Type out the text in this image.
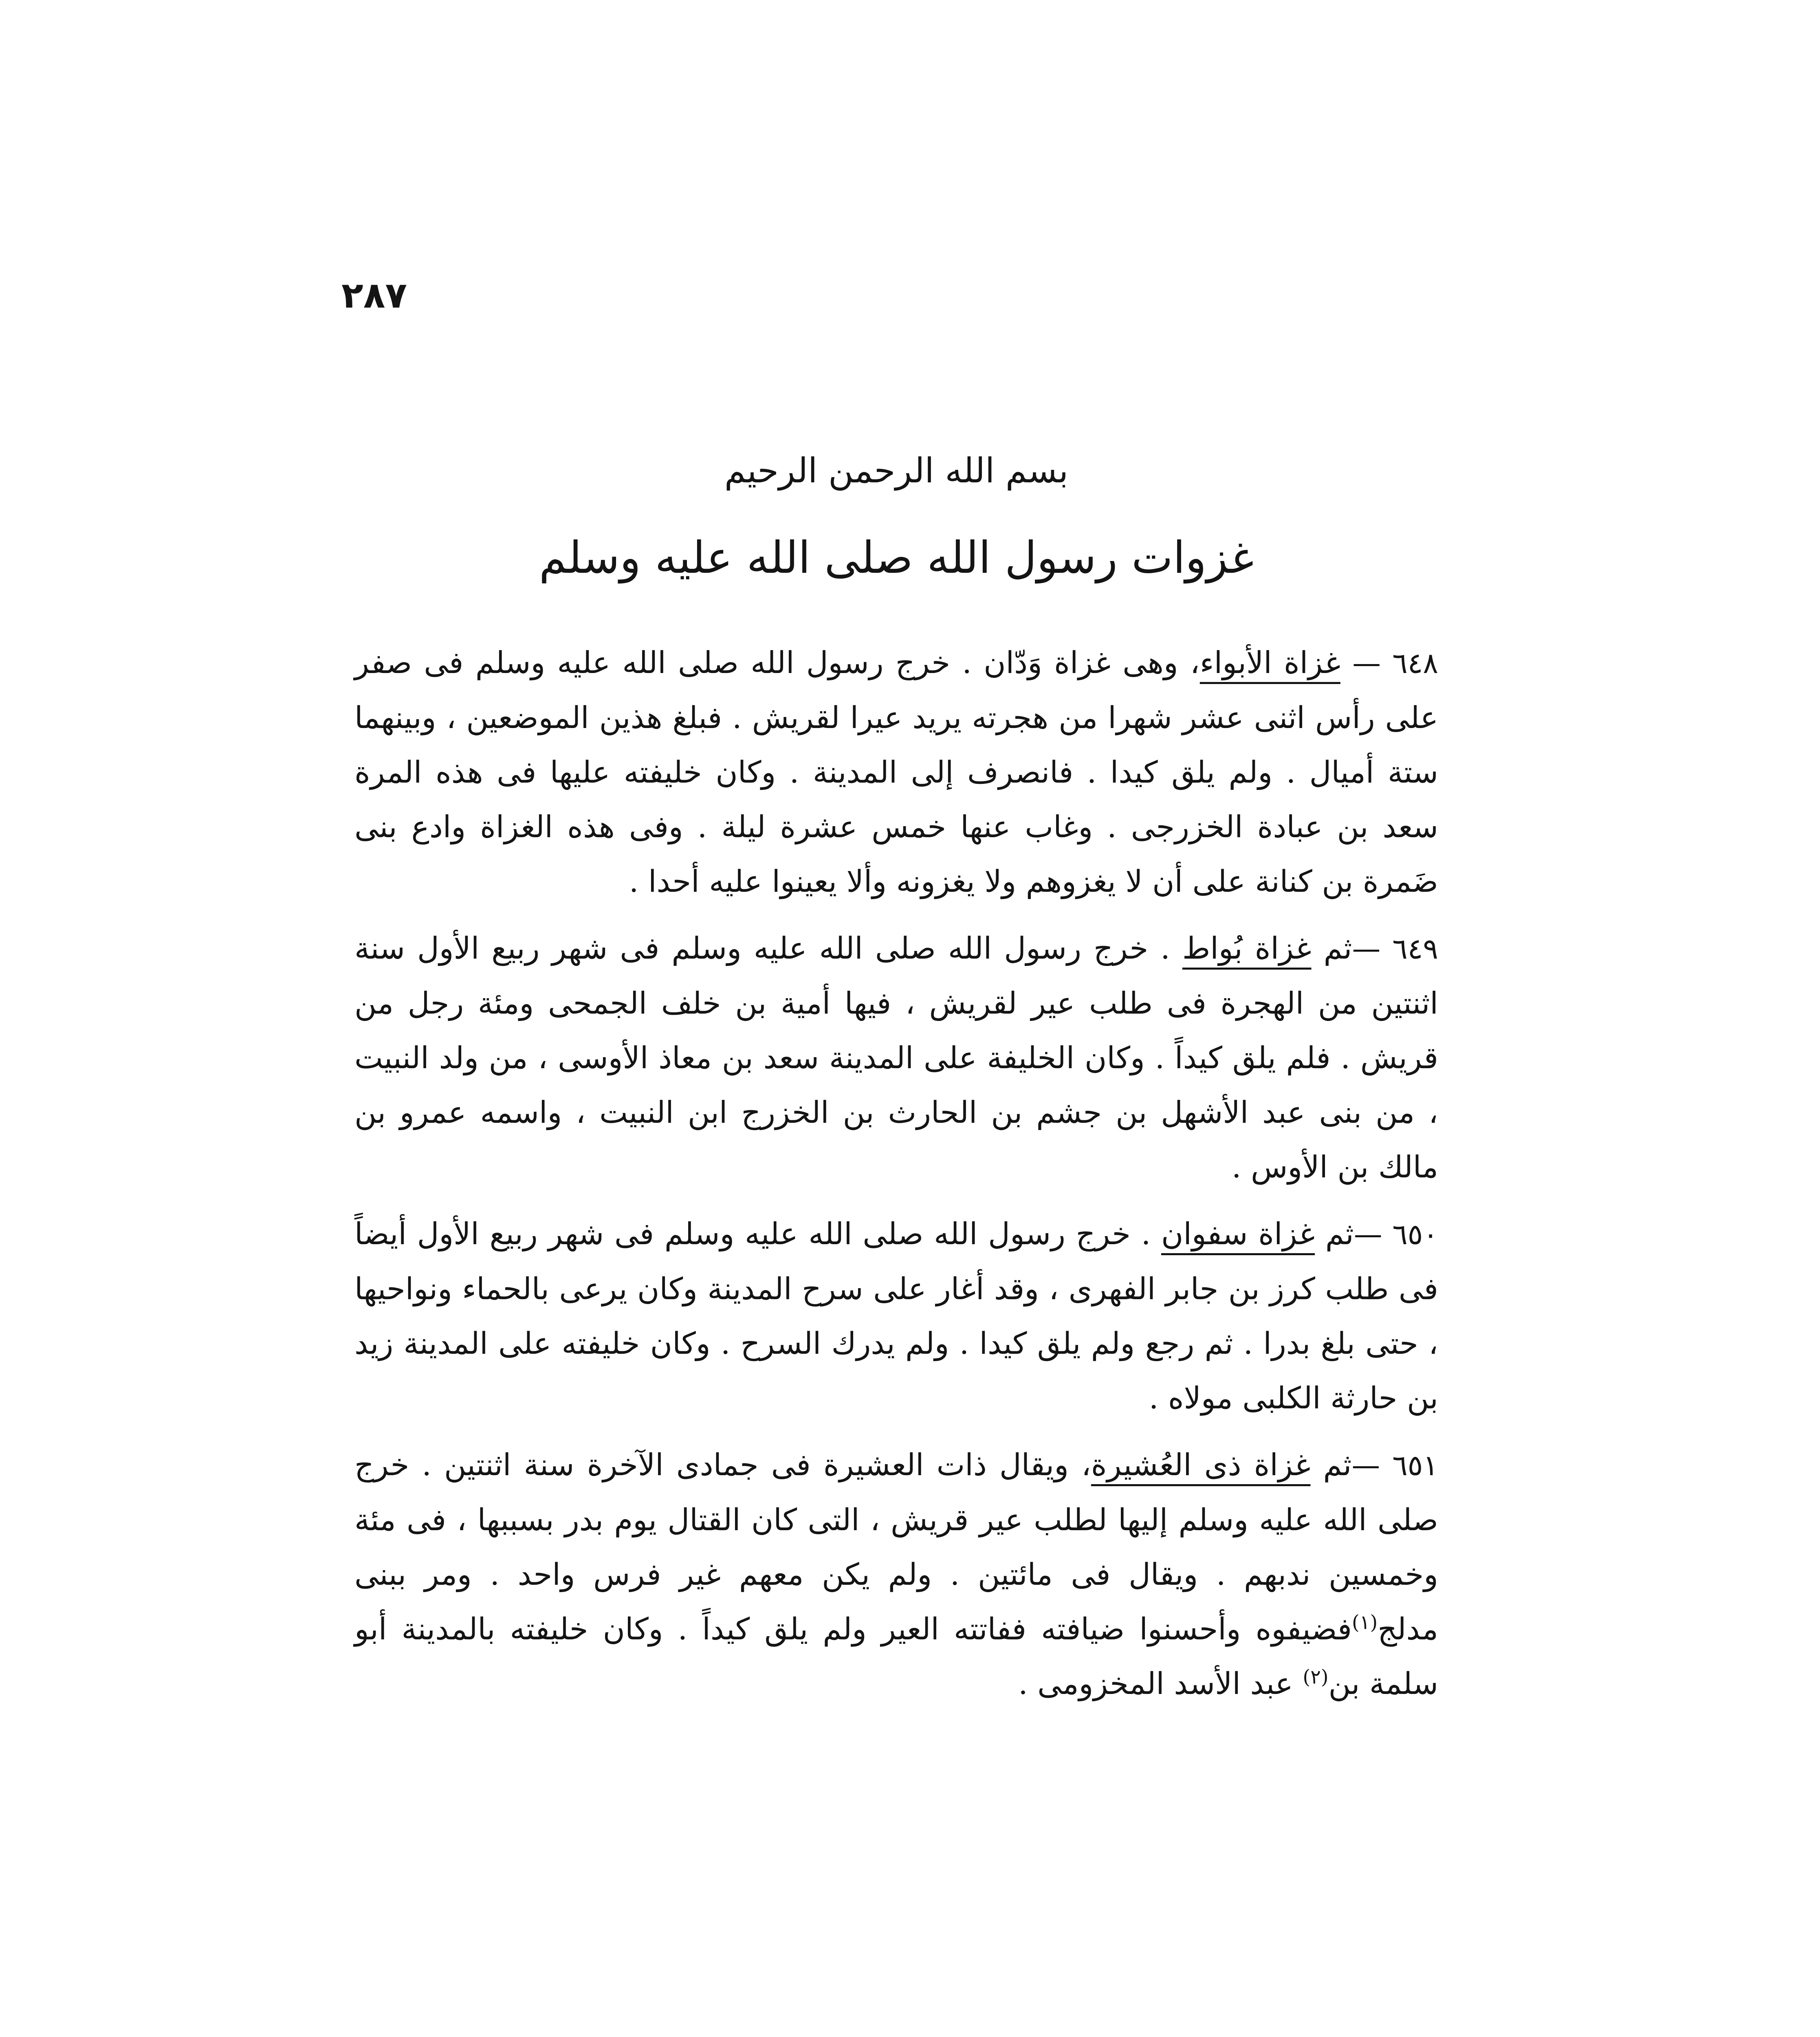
٢٨٧
بسم الله الرحمن الرحيم
غزوات رسول الله صلى الله عليه وسلم

٦٤٨ — غزاة الأبواء، وهى غزاة وَدّان . خرج رسول الله صلى الله عليه وسلم فى صفر على رأس اثنى عشر شهرا من هجرته يريد عيرا لقريش . فبلغ هذين الموضعين ، وبينهما ستة أميال . ولم يلق كيدا . فانصرف إلى المدينة . وكان خليفته عليها فى هذه المرة سعد بن عبادة الخزرجى . وغاب عنها خمس عشرة ليلة . وفى هذه الغزاة وادع بنى ضَمرة بن كنانة على أن لا يغزوهم ولا يغزونه وألا يعينوا عليه أحدا .

٦٤٩ —ثم غزاة بُواط . خرج رسول الله صلى الله عليه وسلم فى شهر ربيع الأول سنة اثنتين من الهجرة فى طلب عير لقريش ، فيها أمية بن خلف الجمحى ومئة رجل من قريش . فلم يلق كيداً . وكان الخليفة على المدينة سعد بن معاذ الأوسى ، من ولد النبيت ، من بنى عبد الأشهل بن جشم بن الحارث بن الخزرج ابن النبيت ، واسمه عمرو بن مالك بن الأوس .

٦٥٠ —ثم غزاة سفوان . خرج رسول الله صلى الله عليه وسلم فى شهر ربيع الأول أيضاً فى طلب كرز بن جابر الفهرى ، وقد أغار على سرح المدينة وكان يرعى بالحماء ونواحيها ، حتى بلغ بدرا . ثم رجع ولم يلق كيدا . ولم يدرك السرح . وكان خليفته على المدينة زيد بن حارثة الكلبى مولاه .

٦٥١ —ثم غزاة ذى العُشيرة، ويقال ذات العشيرة فى جمادى الآخرة سنة اثنتين . خرج صلى الله عليه وسلم إليها لطلب عير قريش ، التى كان القتال يوم بدر بسببها ، فى مئة وخمسين ندبهم . ويقال فى مائتين . ولم يكن معهم غير فرس واحد . ومر ببنى مدلج$^{(١)}$فضيفوه وأحسنوا ضيافته ففاتته العير ولم يلق كيداً . وكان خليفته بالمدينة أبو سلمة بن$^{(٢)}$ عبد الأسد المخزومى .
